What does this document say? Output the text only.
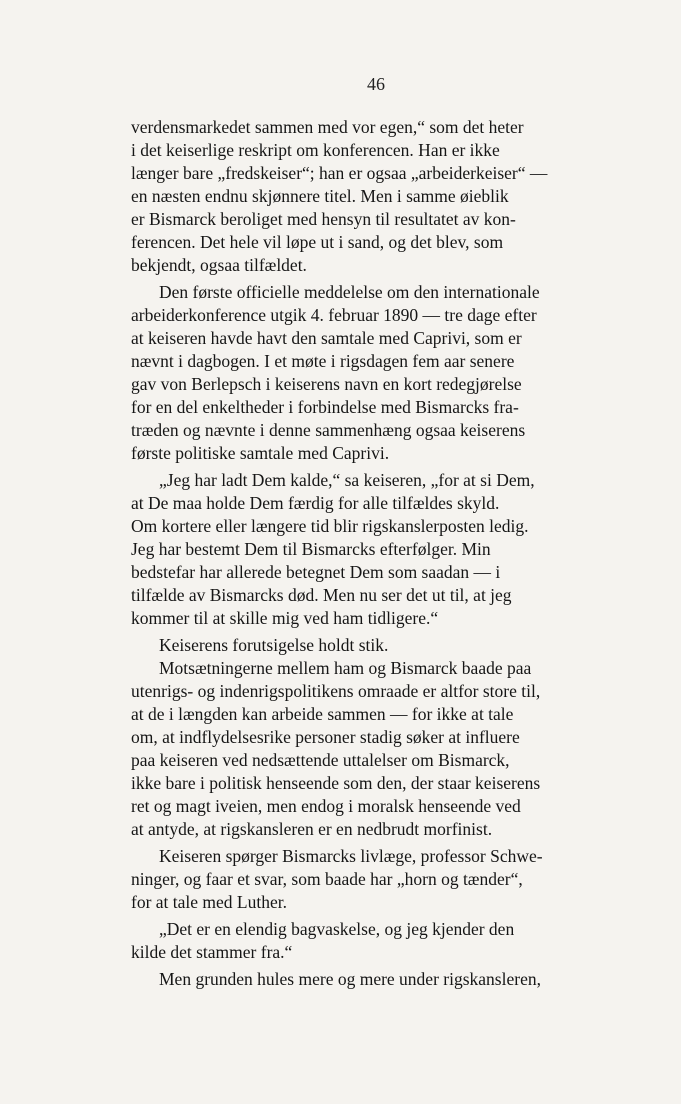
46
verdensmarkedet sammen med vor egen,“ som det heter
i det keiserlige reskript om konferencen. Han er ikke
længer bare „fredskeiser“; han er ogsaa „arbeiderkeiser“ —
en næsten endnu skjønnere titel. Men i samme øieblik
er Bismarck beroliget med hensyn til resultatet av kon-
ferencen. Det hele vil løpe ut i sand, og det blev, som
bekjendt, ogsaa tilfældet.
Den første officielle meddelelse om den internationale
arbeiderkonference utgik 4. februar 1890 — tre dage efter
at keiseren havde havt den samtale med Caprivi, som er
nævnt i dagbogen. I et møte i rigsdagen fem aar senere
gav von Berlepsch i keiserens navn en kort redegjørelse
for en del enkeltheder i forbindelse med Bismarcks fra-
træden og nævnte i denne sammenhæng ogsaa keiserens
første politiske samtale med Caprivi.
„Jeg har ladt Dem kalde,“ sa keiseren, „for at si Dem,
at De maa holde Dem færdig for alle tilfældes skyld.
Om kortere eller længere tid blir rigskanslerposten ledig.
Jeg har bestemt Dem til Bismarcks efterfølger. Min
bedstefar har allerede betegnet Dem som saadan — i
tilfælde av Bismarcks død. Men nu ser det ut til, at jeg
kommer til at skille mig ved ham tidligere.“
Keiserens forutsigelse holdt stik.
Motsætningerne mellem ham og Bismarck baade paa
utenrigs- og indenrigspolitikens omraade er altfor store til,
at de i længden kan arbeide sammen — for ikke at tale
om, at indflydelsesrike personer stadig søker at influere
paa keiseren ved nedsættende uttalelser om Bismarck,
ikke bare i politisk henseende som den, der staar keiserens
ret og magt iveien, men endog i moralsk henseende ved
at antyde, at rigskansleren er en nedbrudt morfinist.
Keiseren spørger Bismarcks livlæge, professor Schwe-
ninger, og faar et svar, som baade har „horn og tænder“,
for at tale med Luther.
„Det er en elendig bagvaskelse, og jeg kjender den
kilde det stammer fra.“
Men grunden hules mere og mere under rigskansleren,
